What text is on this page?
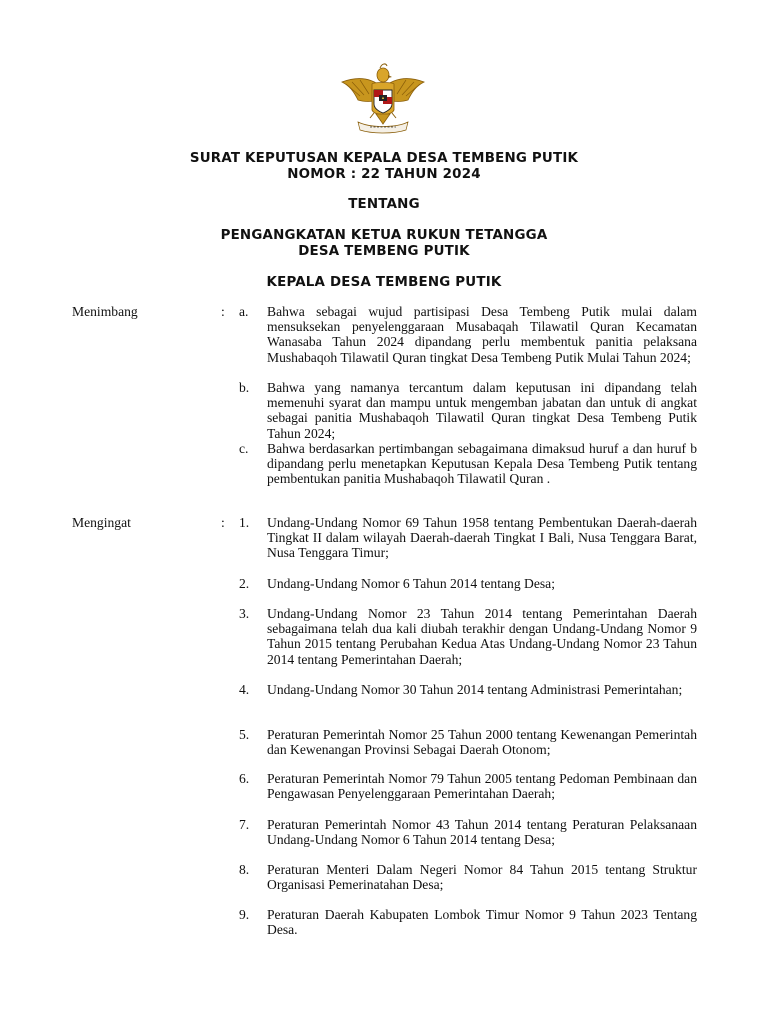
SURAT KEPUTUSAN KEPALA DESA TEMBENG PUTIK
NOMOR : 22 TAHUN 2024
TENTANG
PENGANGKATAN KETUA RUKUN TETANGGA
DESA TEMBENG PUTIK
KEPALA DESA TEMBENG PUTIK
Menimbang	: a. Bahwa sebagai wujud partisipasi Desa Tembeng Putik mulai dalam mensuksekan penyelenggaraan Musabaqah Tilawatil Quran Kecamatan Wanasaba Tahun 2024 dipandang perlu membentuk panitia pelaksana Mushabaqoh Tilawatil Quran tingkat Desa Tembeng Putik Mulai Tahun 2024;
b. Bahwa yang namanya tercantum dalam keputusan ini dipandang telah memenuhi syarat dan mampu untuk mengemban jabatan dan untuk di angkat sebagai panitia Mushabaqoh Tilawatil Quran tingkat Desa Tembeng Putik Tahun 2024;
c. Bahwa berdasarkan pertimbangan sebagaimana dimaksud huruf a dan huruf b dipandang perlu menetapkan Keputusan Kepala Desa Tembeng Putik tentang pembentukan panitia Mushabaqoh Tilawatil Quran .
Mengingat	: 1. Undang-Undang Nomor 69 Tahun 1958 tentang Pembentukan Daerah-daerah Tingkat II dalam wilayah Daerah-daerah Tingkat I Bali, Nusa Tenggara Barat, Nusa Tenggara Timur;
2. Undang-Undang Nomor 6 Tahun 2014 tentang Desa;
3. Undang-Undang Nomor 23 Tahun 2014 tentang Pemerintahan Daerah sebagaimana telah dua kali diubah terakhir dengan Undang-Undang Nomor 9 Tahun 2015 tentang Perubahan Kedua Atas Undang-Undang Nomor 23 Tahun 2014 tentang Pemerintahan Daerah;
4. Undang-Undang Nomor 30 Tahun 2014 tentang Administrasi Pemerintahan;
5. Peraturan Pemerintah Nomor 25 Tahun 2000 tentang Kewenangan Pemerintah dan Kewenangan Provinsi Sebagai Daerah Otonom;
6. Peraturan Pemerintah Nomor 79 Tahun 2005 tentang Pedoman Pembinaan dan Pengawasan Penyelenggaraan Pemerintahan Daerah;
7. Peraturan Pemerintah Nomor 43 Tahun 2014 tentang Peraturan Pelaksanaan Undang-Undang Nomor 6 Tahun 2014 tentang Desa;
8. Peraturan Menteri Dalam Negeri Nomor 84 Tahun 2015 tentang Struktur Organisasi Pemerinatahan Desa;
9. Peraturan Daerah Kabupaten Lombok Timur Nomor 9 Tahun 2023 Tentang Desa.
